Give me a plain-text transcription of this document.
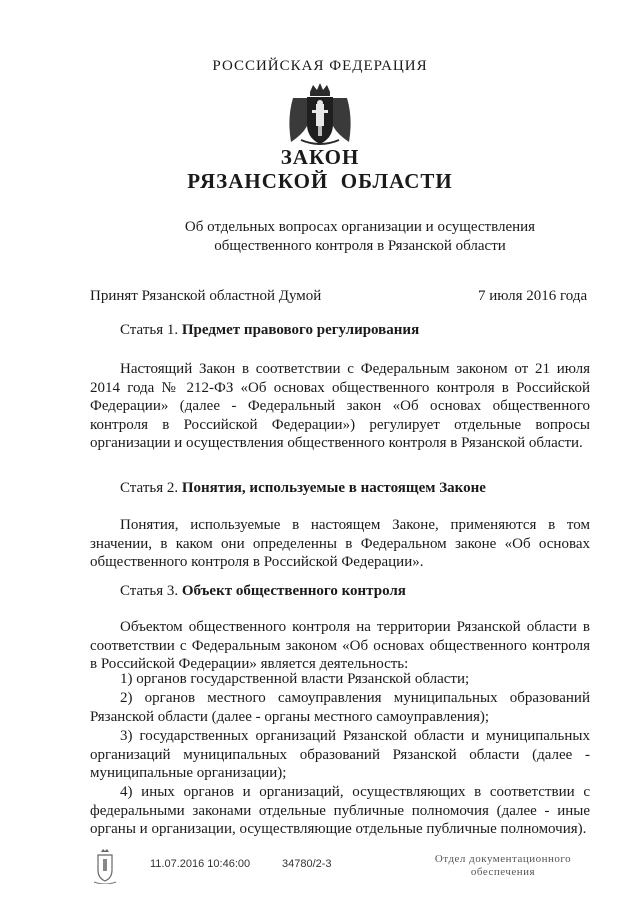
РОССИЙСКАЯ ФЕДЕРАЦИЯ
ЗАКОН
РЯЗАНСКОЙ  ОБЛАСТИ
Об отдельных вопросах организации и осуществления
общественного контроля в Рязанской области
Принят Рязанской областной Думой	7 июля 2016 года
Статья 1. Предмет правового регулирования
Настоящий Закон в соответствии с Федеральным законом от 21 июля 2014 года № 212-ФЗ «Об основах общественного контроля в Российской Федерации» (далее - Федеральный закон «Об основах общественного контроля в Российской Федерации») регулирует отдельные вопросы организации и осуществления общественного контроля в Рязанской области.
Статья 2. Понятия, используемые в настоящем Законе
Понятия, используемые в настоящем Законе, применяются в том значении, в каком они определенны в Федеральном законе «Об основах общественного контроля в Российской Федерации».
Статья 3. Объект общественного контроля
Объектом общественного контроля на территории Рязанской области в соответствии с Федеральным законом «Об основах общественного контроля в Российской Федерации» является деятельность:
1) органов государственной власти Рязанской области;
2) органов местного самоуправления муниципальных образований Рязанской области (далее - органы местного самоуправления);
3) государственных организаций Рязанской области и муниципальных организаций муниципальных образований Рязанской области (далее - муниципальные организации);
4) иных органов и организаций, осуществляющих в соответствии с федеральными законами отдельные публичные полномочия (далее - иные органы и организации, осуществляющие отдельные публичные полномочия).
11.07.2016 10:46:00	34780/2-3	Отдел документационного
обеспечения
